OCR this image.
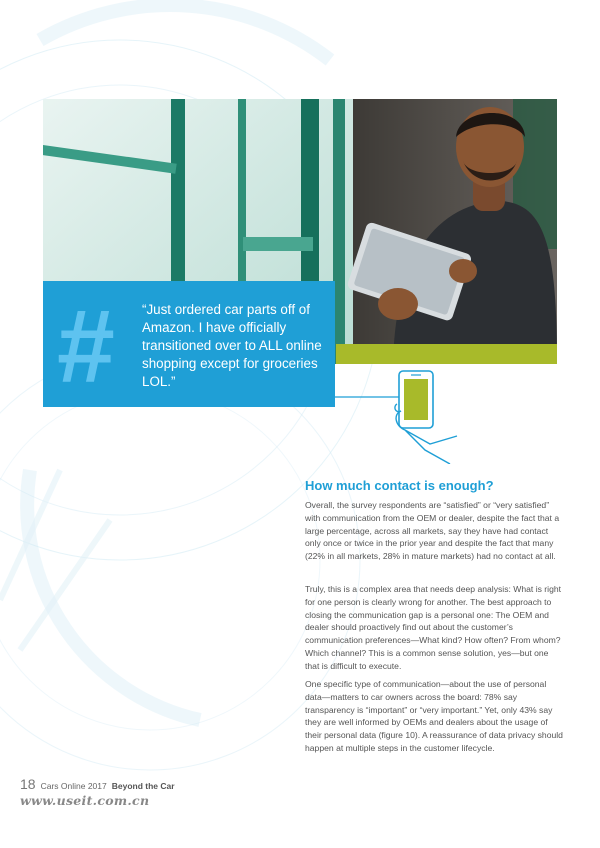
# “Just ordered car parts off of Amazon. I have officially transitioned over to ALL online shopping except for groceries LOL.”
How much contact is enough?

Overall, the survey respondents are “satisfied” or “very satisfied” with communication from the OEM or dealer, despite the fact that a large percentage, across all markets, say they have had contact only once or twice in the prior year and despite the fact that many (22% in all markets, 28% in mature markets) had no contact at all.

Truly, this is a complex area that needs deep analysis: What is right for one person is clearly wrong for another. The best approach to closing the communication gap is a personal one: The OEM and dealer should proactively find out about the customer’s communication preferences—What kind? How often? From whom? Which channel? This is a common sense solution, yes—but one that is difficult to execute.

One specific type of communication—about the use of personal data—matters to car owners across the board: 78% say transparency is “important” or “very important.” Yet, only 43% say they are well informed by OEMs and dealers about the usage of their personal data (figure 10). A reassurance of data privacy should happen at multiple steps in the customer lifecycle.

18 Cars Online 2017 Beyond the Car
www.useit.com.cn
